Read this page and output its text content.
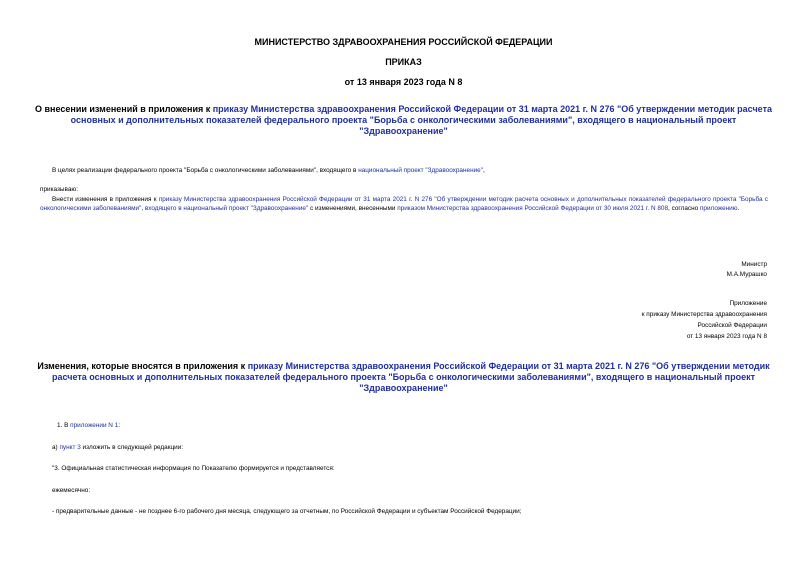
МИНИСТЕРСТВО ЗДРАВООХРАНЕНИЯ РОССИЙСКОЙ ФЕДЕРАЦИИ
ПРИКАЗ
от 13 января 2023 года N 8
О внесении изменений в приложения к приказу Министерства здравоохранения Российской Федерации от 31 марта 2021 г. N 276 "Об утверждении методик расчета основных и дополнительных показателей федерального проекта "Борьба с онкологическими заболеваниями", входящего в национальный проект "Здравоохранение"
В целях реализации федерального проекта "Борьба с онкологическими заболеваниями", входящего в национальный проект "Здравоохранение",
приказываю:
Внести изменения в приложения к приказу Министерства здравоохранения Российской Федерации от 31 марта 2021 г. N 276 "Об утверждении методик расчета основных и дополнительных показателей федерального проекта "Борьба с онкологическими заболеваниями", входящего в национальный проект "Здравоохранение" с изменениями, внесенными приказом Министерства здравоохранения Российской Федерации от 30 июля 2021 г. N 808, согласно приложению.
Министр
М.А.Мурашко
Приложение
к приказу Министерства здравоохранения
Российской Федерации
от 13 января 2023 года N 8
Изменения, которые вносятся в приложения к приказу Министерства здравоохранения Российской Федерации от 31 марта 2021 г. N 276 "Об утверждении методик расчета основных и дополнительных показателей федерального проекта "Борьба с онкологическими заболеваниями", входящего в национальный проект "Здравоохранение"
1. В приложении N 1:
а) пункт 3 изложить в следующей редакции:
"3. Официальная статистическая информация по Показателю формируется и представляется:
ежемесячно:
- предварительные данные - не позднее 6-го рабочего дня месяца, следующего за отчетным, по Российской Федерации и субъектам Российской Федерации;
